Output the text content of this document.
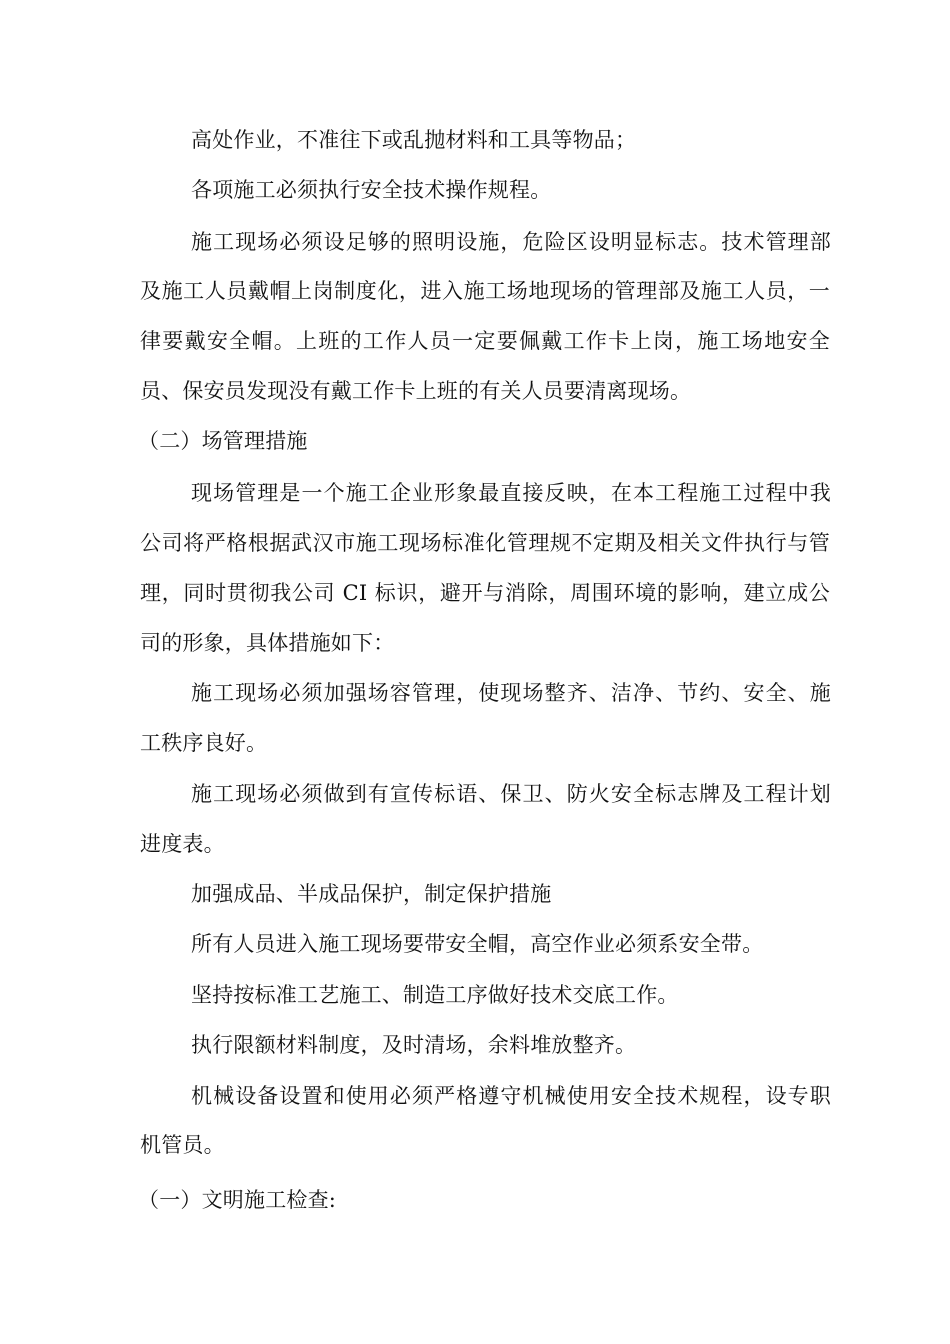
高处作业，不准往下或乱抛材料和工具等物品；
各项施工必须执行安全技术操作规程。
施工现场必须设足够的照明设施，危险区设明显标志。技术管理部
及施工人员戴帽上岗制度化，进入施工场地现场的管理部及施工人员，一
律要戴安全帽。上班的工作人员一定要佩戴工作卡上岗，施工场地安全
员、保安员发现没有戴工作卡上班的有关人员要清离现场。
（二）场管理措施
现场管理是一个施工企业形象最直接反映，在本工程施工过程中我
公司将严格根据武汉市施工现场标准化管理规不定期及相关文件执行与管
理，同时贯彻我公司 CI 标识，避开与消除，周围环境的影响，建立成公
司的形象，具体措施如下：
施工现场必须加强场容管理，使现场整齐、洁净、节约、安全、施
工秩序良好。
施工现场必须做到有宣传标语、保卫、防火安全标志牌及工程计划
进度表。
加强成品、半成品保护，制定保护措施
所有人员进入施工现场要带安全帽，高空作业必须系安全带。
坚持按标准工艺施工、制造工序做好技术交底工作。
执行限额材料制度，及时清场，余料堆放整齐。
机械设备设置和使用必须严格遵守机械使用安全技术规程，设专职
机管员。
（一）文明施工检查:
